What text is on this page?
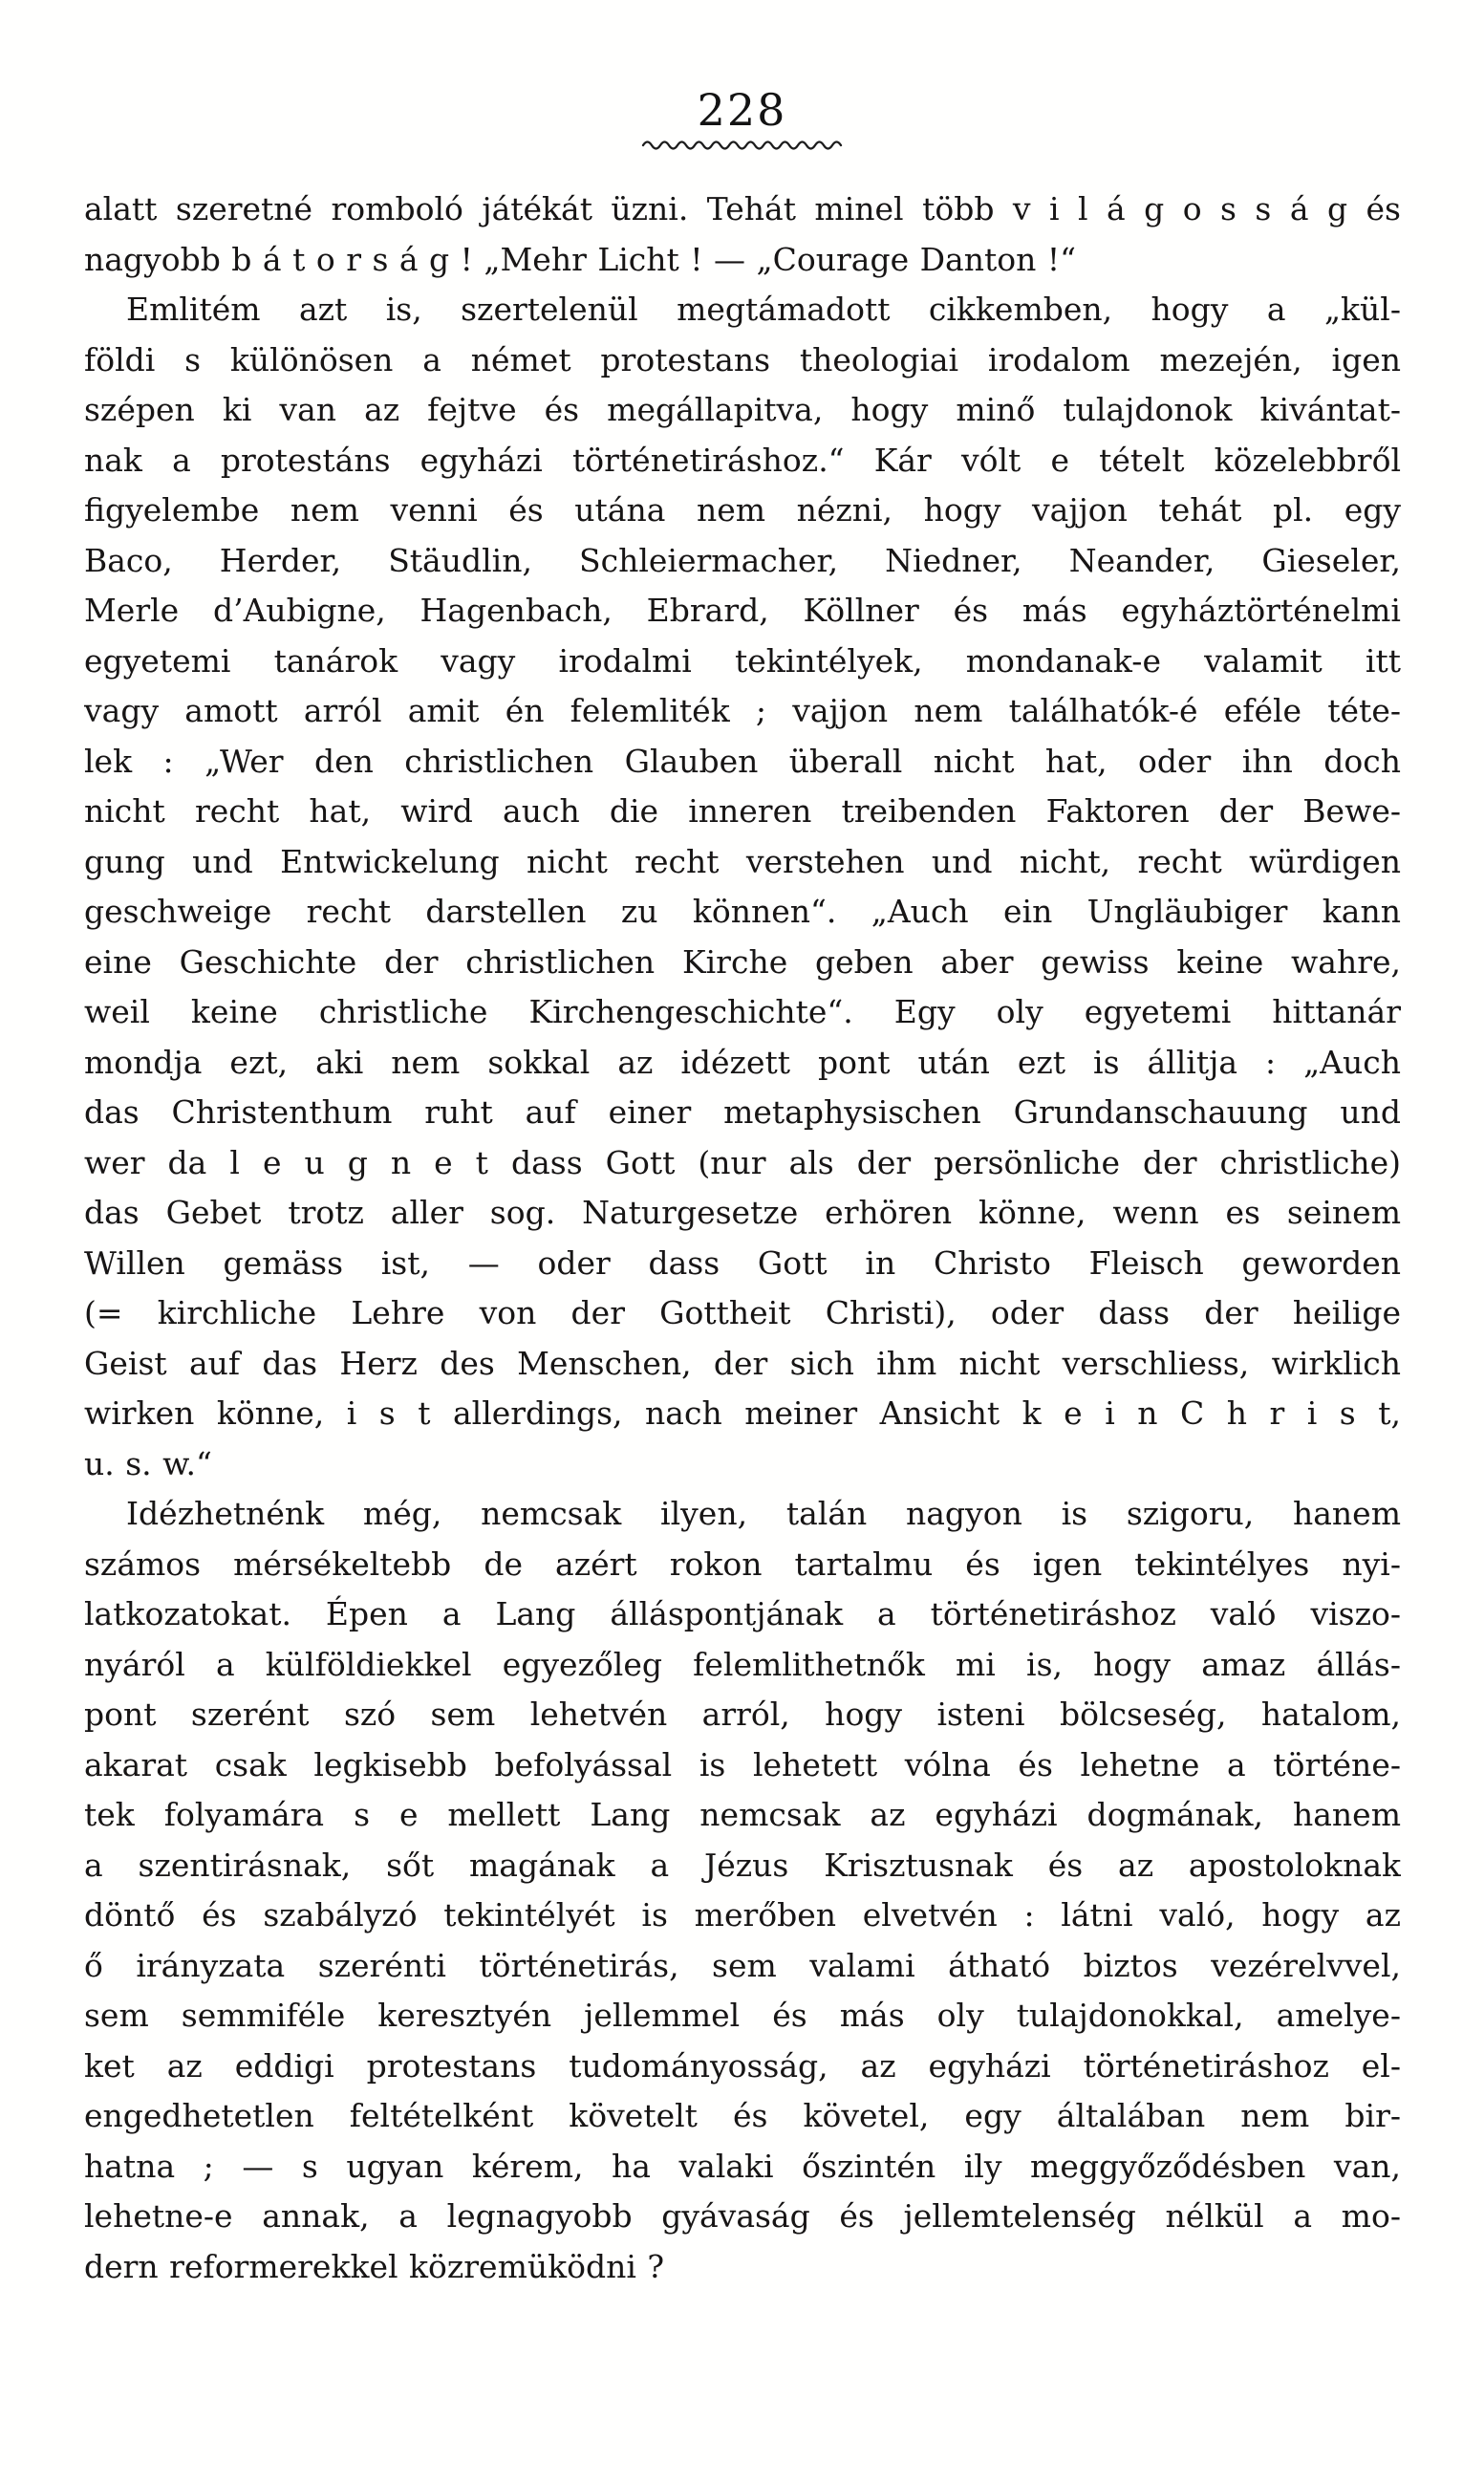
228
alatt szeretné romboló játékát üzni. Tehát minel több v i l á g o s s á g és
nagyobb b á t o r s á g ! „Mehr Licht ! — „Courage Danton !“
Emlitém azt is, szertelenül megtámadott cikkemben, hogy a „kül-
földi s különösen a német protestans theologiai irodalom mezején, igen
szépen ki van az fejtve és megállapitva, hogy minő tulajdonok kivántat-
nak a protestáns egyházi történetiráshoz.“ Kár vólt e tételt közelebbről
figyelembe nem venni és utána nem nézni, hogy vajjon tehát pl. egy
Baco, Herder, Stäudlin, Schleiermacher, Niedner, Neander, Gieseler,
Merle d’Aubigne, Hagenbach, Ebrard, Köllner és más egyháztörténelmi
egyetemi tanárok vagy irodalmi tekintélyek, mondanak-e valamit itt
vagy amott arról amit én felemliték ; vajjon nem találhatók-é eféle téte-
lek : „Wer den christlichen Glauben überall nicht hat, oder ihn doch
nicht recht hat, wird auch die inneren treibenden Faktoren der Bewe-
gung und Entwickelung nicht recht verstehen und nicht, recht würdigen
geschweige recht darstellen zu können“. „Auch ein Ungläubiger kann
eine Geschichte der christlichen Kirche geben aber gewiss keine wahre,
weil keine christliche Kirchengeschichte“. Egy oly egyetemi hittanár
mondja ezt, aki nem sokkal az idézett pont után ezt is állitja : „Auch
das Christenthum ruht auf einer metaphysischen Grundanschauung und
wer da l e u g n e t dass Gott (nur als der persönliche der christliche)
das Gebet trotz aller sog. Naturgesetze erhören könne, wenn es seinem
Willen gemäss ist, — oder dass Gott in Christo Fleisch geworden
(= kirchliche Lehre von der Gottheit Christi), oder dass der heilige
Geist auf das Herz des Menschen, der sich ihm nicht verschliess, wirklich
wirken könne, i s t allerdings, nach meiner Ansicht k e i n C h r i s t,
u. s. w.“
Idézhetnénk még, nemcsak ilyen, talán nagyon is szigoru, hanem
számos mérsékeltebb de azért rokon tartalmu és igen tekintélyes nyi-
latkozatokat. Épen a Lang álláspontjának a történetiráshoz való viszo-
nyáról a külföldiekkel egyezőleg felemlithetnők mi is, hogy amaz állás-
pont szerént szó sem lehetvén arról, hogy isteni bölcseség, hatalom,
akarat csak legkisebb befolyással is lehetett vólna és lehetne a történe-
tek folyamára s e mellett Lang nemcsak az egyházi dogmának, hanem
a szentirásnak, sőt magának a Jézus Krisztusnak és az apostoloknak
döntő és szabályzó tekintélyét is merőben elvetvén : látni való, hogy az
ő irányzata szerénti történetirás, sem valami átható biztos vezérelvvel,
sem semmiféle keresztyén jellemmel és más oly tulajdonokkal, amelye-
ket az eddigi protestans tudományosság, az egyházi történetiráshoz el-
engedhetetlen feltételként követelt és követel, egy általában nem bir-
hatna ; — s ugyan kérem, ha valaki őszintén ily meggyőződésben van,
lehetne-e annak, a legnagyobb gyávaság és jellemtelenség nélkül a mo-
dern reformerekkel közremüködni ?
